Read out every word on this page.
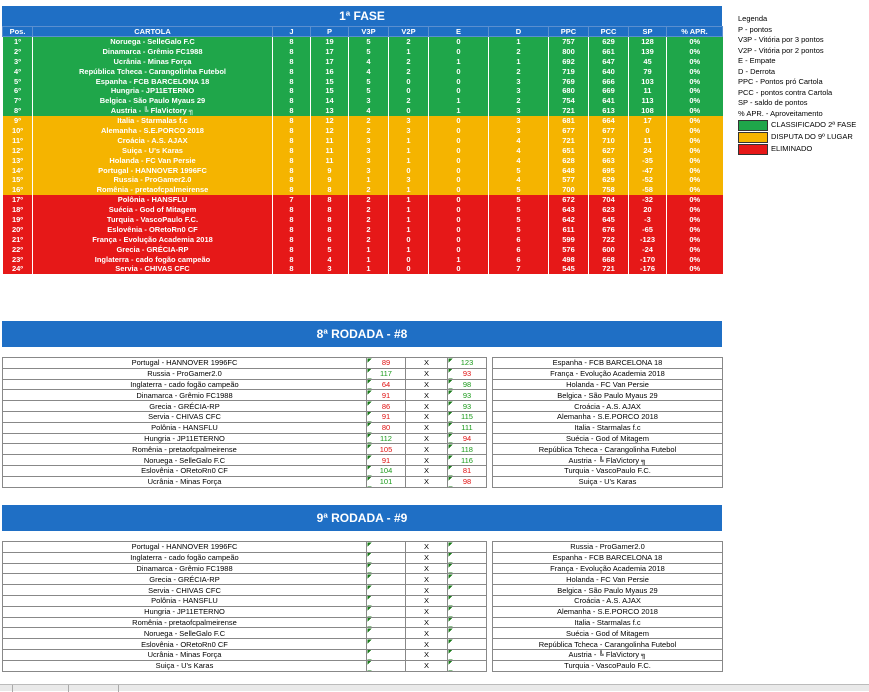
1ª FASE
Pos.	CARTOLA	J	P	V3P	V2P	E	D	PPC	PCC	SP	% APR.
1º	Noruega - SelleGalo F.C	8	19	5	2	0	1	757	629	128	0%
2º	Dinamarca - Grêmio FC1988	8	17	5	1	0	2	800	661	139	0%
3º	Ucrânia - Minas Força	8	17	4	2	1	1	692	647	45	0%
4º	República Tcheca - Carangolinha Futebol	8	16	4	2	0	2	719	640	79	0%
5º	Espanha - FCB BARCELONA 18	8	15	5	0	0	3	769	666	103	0%
6º	Hungria - JP11ETERNO	8	15	5	0	0	3	680	669	11	0%
7º	Belgica - São Paulo Myaus 29	8	14	3	2	1	2	754	641	113	0%
8º	Austria - ╚ FlaVictory ╗	8	13	4	0	1	3	721	613	108	0%
9º	Italia - Starmalas f.c	8	12	2	3	0	3	681	664	17	0%
10º	Alemanha - S.E.PORCO 2018	8	12	2	3	0	3	677	677	0	0%
11º	Croácia - A.S. AJAX	8	11	3	1	0	4	721	710	11	0%
12º	Suiça - U's Karas	8	11	3	1	0	4	651	627	24	0%
13º	Holanda - FC Van Persie	8	11	3	1	0	4	628	663	-35	0%
14º	Portugal - HANNOVER 1996FC	8	9	3	0	0	5	648	695	-47	0%
15º	Russia - ProGamer2.0	8	9	1	3	0	4	577	629	-52	0%
16º	Romênia - pretaofcpalmeirense	8	8	2	1	0	5	700	758	-58	0%
17º	Polônia - HANSFLU	7	8	2	1	0	5	672	704	-32	0%
18º	Suécia - God of Mitagem	8	8	2	1	0	5	643	623	20	0%
19º	Turquia - VascoPaulo F.C.	8	8	2	1	0	5	642	645	-3	0%
20º	Eslovênia - ORetoRn0 CF	8	8	2	1	0	5	611	676	-65	0%
21º	França - Evolução Academia 2018	8	6	2	0	0	6	599	722	-123	0%
22º	Grecia - GRÉCIA-RP	8	5	1	1	0	6	576	600	-24	0%
23º	Inglaterra - cado fogão campeão	8	4	1	0	1	6	498	668	-170	0%
24º	Servia - CHIVAS CFC	8	3	1	0	0	7	545	721	-176	0%
Legenda
P - pontos
V3P - Vitória por 3 pontos
V2P - Vitória por 2 pontos
E - Empate
D - Derrota
PPC - Pontos pró Cartola
PCC - pontos contra Cartola
SP - saldo de pontos
% APR. - Aproveitamento
CLASSIFICADO 2ª FASE
DISPUTA DO 9º LUGAR
ELIMINADO
8ª RODADA - #8
Portugal - HANNOVER 1996FC	89	X	123		Espanha - FCB BARCELONA 18
Russia - ProGamer2.0	117	X	93		França - Evolução Academia 2018
Inglaterra - cado fogão campeão	64	X	98		Holanda - FC Van Persie
Dinamarca - Grêmio FC1988	91	X	93		Belgica - São Paulo Myaus 29
Grecia - GRÉCIA-RP	86	X	93		Croácia - A.S. AJAX
Servia - CHIVAS CFC	91	X	115		Alemanha - S.E.PORCO 2018
Polônia - HANSFLU	80	X	111		Italia - Starmalas f.c
Hungria - JP11ETERNO	112	X	94		Suécia - God of Mitagem
Romênia - pretaofcpalmeirense	105	X	118		República Tcheca - Carangolinha Futebol
Noruega - SelleGalo F.C	91	X	116		Austria - ╚ FlaVictory ╗
Eslovênia - ORetoRn0 CF	104	X	81		Turquia - VascoPaulo F.C.
Ucrânia - Minas Força	101	X	98		Suiça - U's Karas
9ª RODADA - #9
Portugal - HANNOVER 1996FC		X			Russia - ProGamer2.0
Inglaterra - cado fogão campeão		X			Espanha - FCB BARCELONA 18
Dinamarca - Grêmio FC1988		X			França - Evolução Academia 2018
Grecia - GRÉCIA-RP		X			Holanda - FC Van Persie
Servia - CHIVAS CFC		X			Belgica - São Paulo Myaus 29
Polônia - HANSFLU		X			Croácia - A.S. AJAX
Hungria - JP11ETERNO		X			Alemanha - S.E.PORCO 2018
Romênia - pretaofcpalmeirense		X			Italia - Starmalas f.c
Noruega - SelleGalo F.C		X			Suécia - God of Mitagem
Eslovênia - ORetoRn0 CF		X			República Tcheca - Carangolinha Futebol
Ucrânia - Minas Força		X			Austria - ╚ FlaVictory ╗
Suiça - U's Karas		X			Turquia - VascoPaulo F.C.
